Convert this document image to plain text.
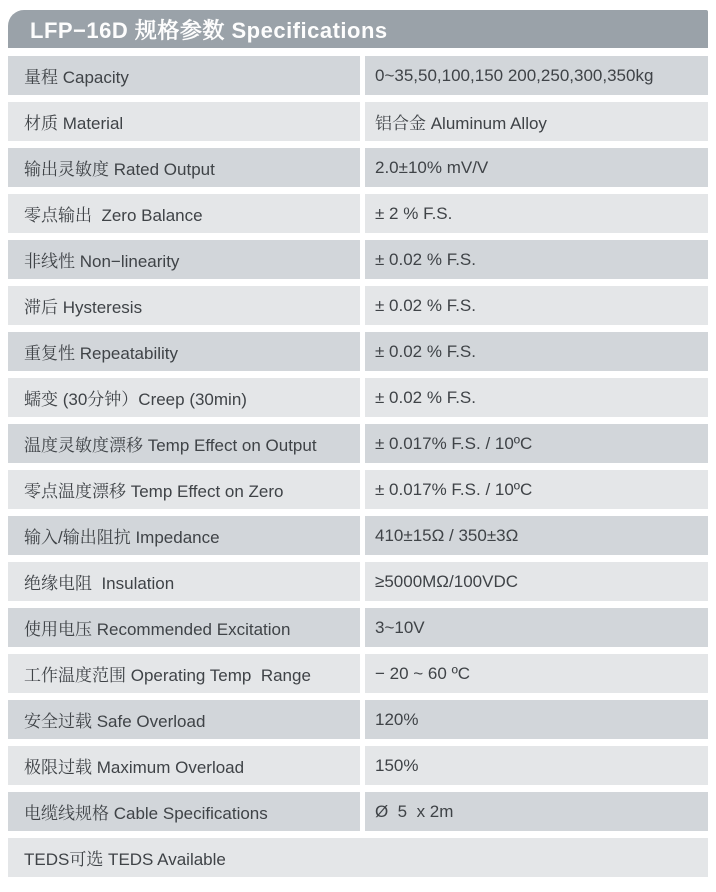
LFP−16D 规格参数 Specifications
量程 Capacity	0~35,50,100,150 200,250,300,350kg
材质 Material	铝合金 Aluminum Alloy
输出灵敏度 Rated Output	2.0±10% mV/V
零点输出  Zero Balance	± 2 % F.S.
非线性 Non−linearity	± 0.02 % F.S.
滞后 Hysteresis	± 0.02 % F.S.
重复性 Repeatability	± 0.02 % F.S.
蠕变 (30分钟）Creep (30min)	± 0.02 % F.S.
温度灵敏度漂移 Temp Effect on Output	± 0.017% F.S. / 10ºC
零点温度漂移 Temp Effect on Zero	± 0.017% F.S. / 10ºC
输入/输出阻抗 Impedance	410±15Ω / 350±3Ω
绝缘电阻  Insulation	≥5000MΩ/100VDC
使用电压 Recommended Excitation	3~10V
工作温度范围 Operating Temp  Range	− 20 ~ 60 ºC
安全过载 Safe Overload	120%
极限过载 Maximum Overload	150%
电缆线规格 Cable Specifications	Ø  5  x 2m
TEDS可选 TEDS Available
